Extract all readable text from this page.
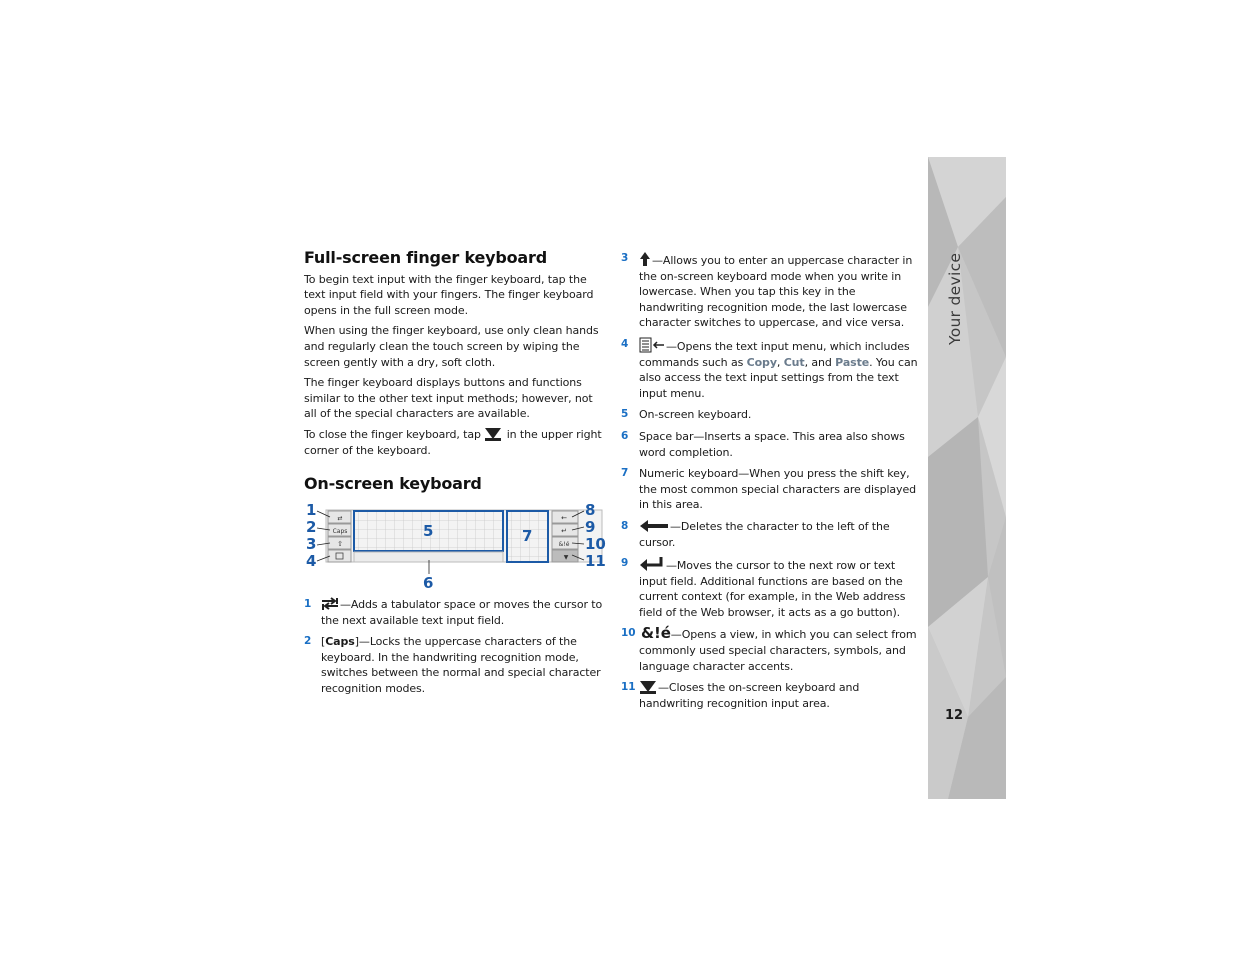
Your device
12
Full-screen finger keyboard

To begin text input with the finger keyboard, tap the text input field with your fingers. The finger keyboard opens in the full screen mode.

When using the finger keyboard, use only clean hands and regularly clean the touch screen by wiping the screen gently with a dry, soft cloth.

The finger keyboard displays buttons and functions similar to the other text input methods; however, not all of the special characters are available.

To close the finger keyboard, tap in the upper right corner of the keyboard.

On-screen keyboard
⇄
Caps
⇧
←
↵
&!é
▼
1
2
3
4
5
6
7
8
9
10
11
1	—Adds a tabulator space or moves the cursor to the next available text input field.
2 [Caps]—Locks the uppercase characters of the keyboard. In the handwriting recognition mode, switches between the normal and special character recognition modes.
3 —Allows you to enter an uppercase character in the on-screen keyboard mode when you write in lowercase. When you tap this key in the handwriting recognition mode, the last lowercase character switches to uppercase, and vice versa.
4	—Opens the text input menu, which includes commands such as Copy, Cut, and Paste. You can also access the text input settings from the text input menu.
5 On-screen keyboard.
6 Space bar—Inserts a space. This area also shows word completion.
7 Numeric keyboard—When you press the shift key, the most common special characters are displayed in this area.
8	—Deletes the character to the left of the cursor.
9	—Moves the cursor to the next row or text input field. Additional functions are based on the current context (for example, in the Web address field of the Web browser, it acts as a go button).
10 &!é—Opens a view, in which you can select from commonly used special characters, symbols, and language character accents.
11 —Closes the on-screen keyboard and handwriting recognition input area.
